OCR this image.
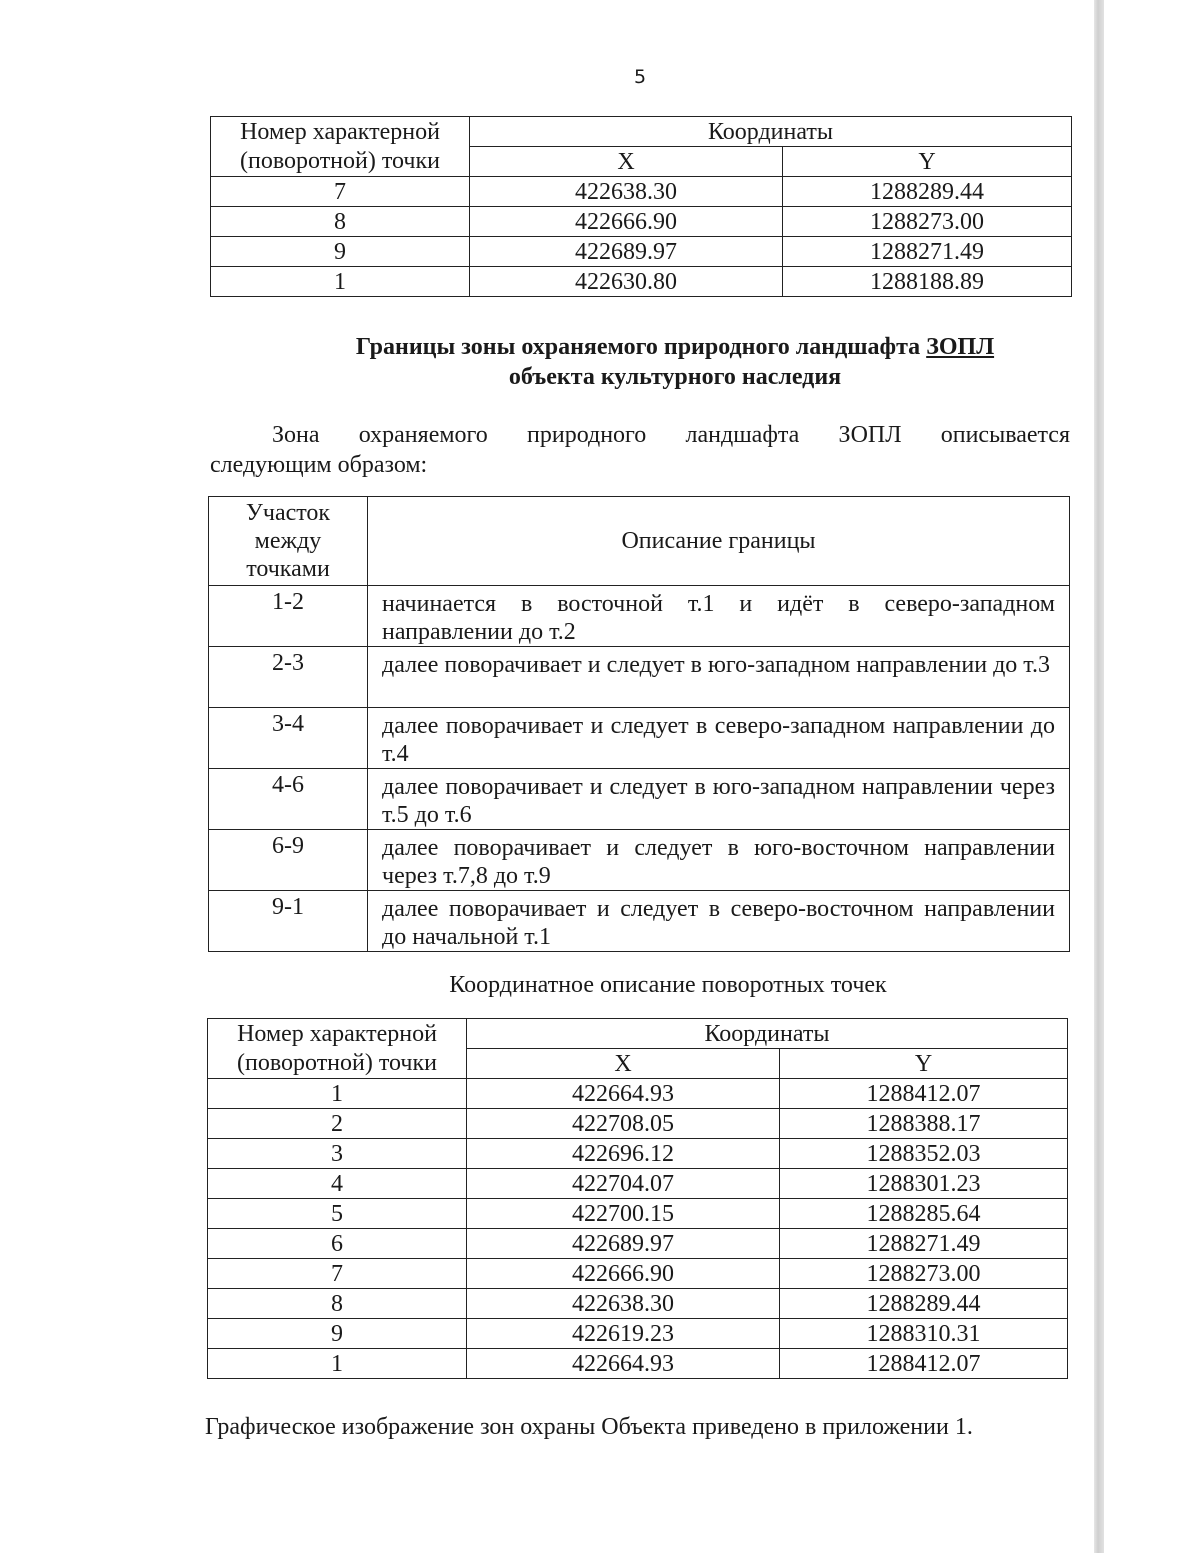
5
Номер характерной
(поворотной) точки	Координаты	
	X	Y
7	422638.30	1288289.44
8	422666.90	1288273.00
9	422689.97	1288271.49
1	422630.80	1288188.89
Границы зоны охраняемого природного ландшафта ЗОПЛ
объекта культурного наследия
Зона охраняемого природного ландшафта ЗОПЛ описывается
следующим образом:
Участок между точками	Описание границы
1-2	начинается в восточной т.1 и идёт в северо-западном направлении до т.2
2-3	далее поворачивает и следует в юго-западном направлении до т.3
3-4	далее поворачивает и следует в северо-западном направлении до т.4
4-6	далее поворачивает и следует в юго-западном направлении через т.5 до т.6
6-9	далее поворачивает и следует в юго-восточном направлении через т.7,8 до т.9
9-1	далее поворачивает и следует в северо-восточном направлении до начальной т.1
Координатное описание поворотных точек
Номер характерной
(поворотной) точки	Координаты	
	X	Y
1	422664.93	1288412.07
2	422708.05	1288388.17
3	422696.12	1288352.03
4	422704.07	1288301.23
5	422700.15	1288285.64
6	422689.97	1288271.49
7	422666.90	1288273.00
8	422638.30	1288289.44
9	422619.23	1288310.31
1	422664.93	1288412.07
Графическое изображение зон охраны Объекта приведено в приложении 1.
